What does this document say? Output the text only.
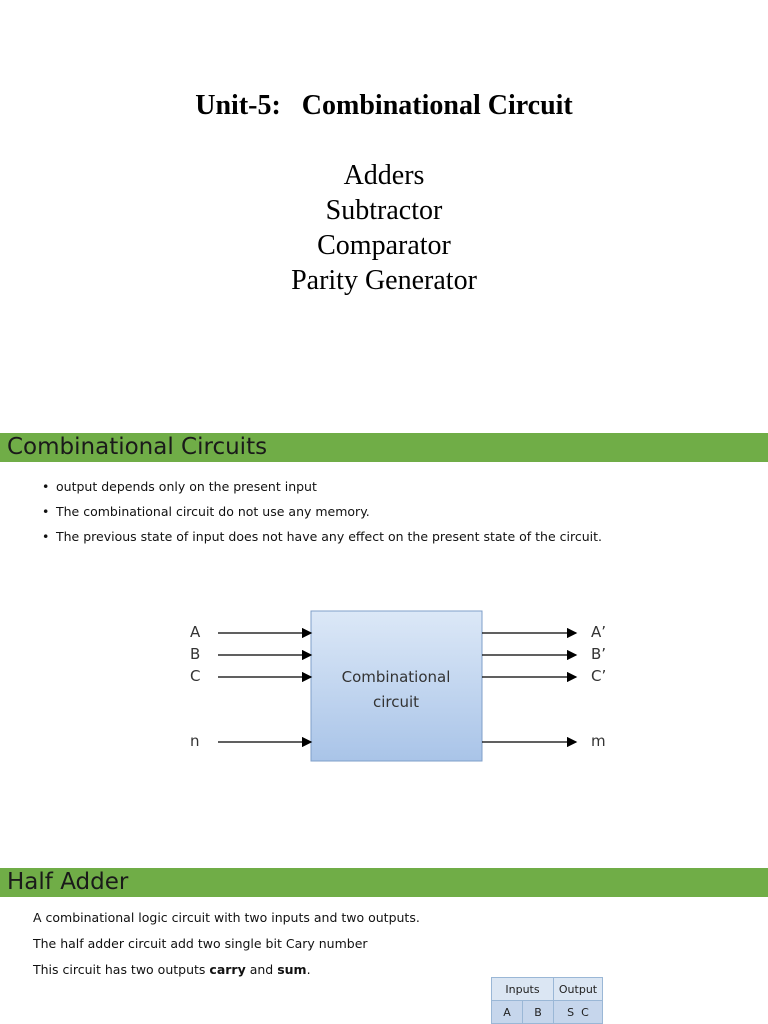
Unit-5:   Combinational Circuit
Adders
Subtractor
Comparator
Parity Generator
Combinational Circuits
• output depends only on the present input
• The combinational circuit do not use any memory.
• The previous state of input does not have any effect on the present state of the circuit.
Combinational
circuit
A
B
C
n
A’
B’
C’
m
Half Adder
A combinational logic circuit with two inputs and two outputs.
The half adder circuit add two single bit Cary number
This circuit has two outputs carry and sum.
Inputs		Output
A	B	S  C
